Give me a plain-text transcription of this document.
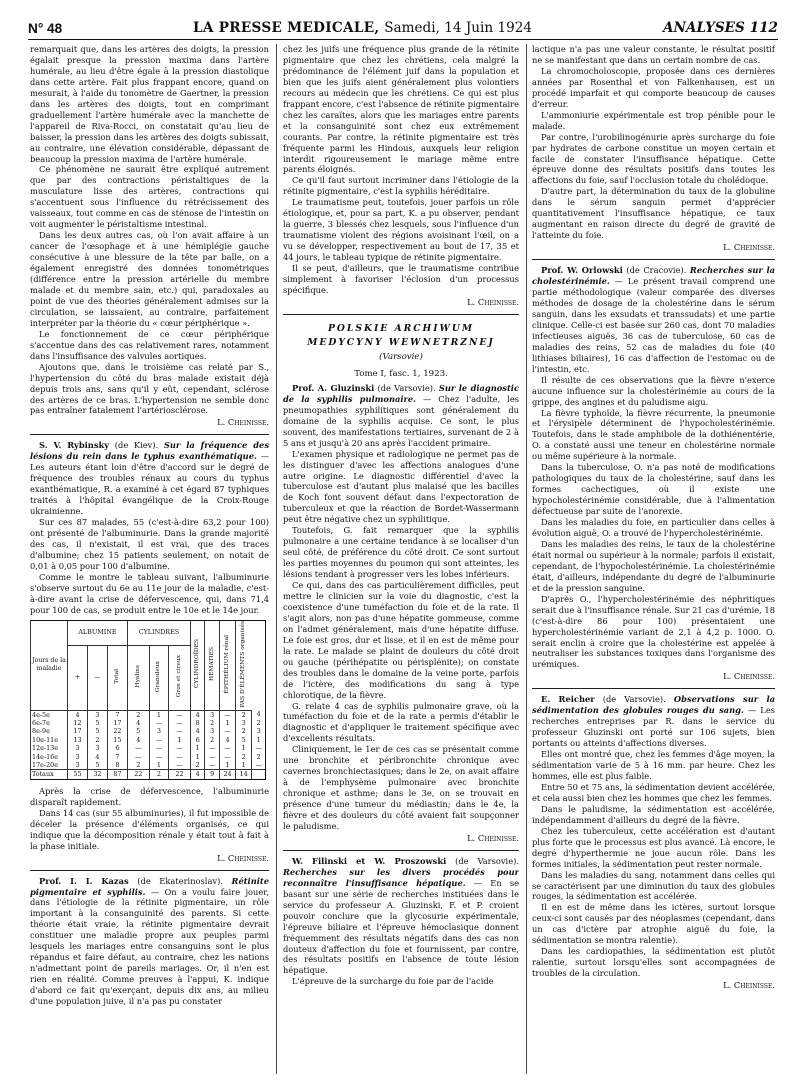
N° 48	LA PRESSE MEDICALE, Samedi, 14 Juin 1924	ANALYSES 112

remarquait que, dans les artères des doigts, la pression égalait presque la pression maxima dans l'artère humérale, au lieu d'être égale à la pression diastolique dans cette artère. Fait plus frappant encore, quand on mesurait, à l'aide du tonomètre de Gaertner, la pression dans les artères des doigts, tout en comprimant graduellement l'artère humérale avec la manchette de l'appareil de Riva-Rocci, on constatait qu'au lieu de baisser, la pression dans les artères des doigts subissait, au contraire, une élévation considérable, dépassant de beaucoup la pression maxima de l'artère humérale.

Ce phénomène ne saurait être expliqué autrement que par des contractions péristaltiques de la musculature lisse des artères, contractions qui s'accentuent sous l'influence du rétrécissement des vaisseaux, tout comme en cas de sténose de l'intestin on voit augmenter le péristaltisme intestinal.

Dans les deux autres cas, où l'on avait affaire à un cancer de l'œsophage et à une hémiplégie gauche consécutive à une blessure de la tête par balle, on a également enregistré des données tonométriques (différence entre la pression artérielle du membre malade et du membre sain, etc.) qui, paradoxales au point de vue des théories généralement admises sur la circulation, se laissaient, au contraire, parfaitement interpréter par la théorie du « cœur périphérique ».

Le fonctionnement de ce cœur périphérique s'accentue dans des cas relativement rares, notamment dans l'insuffisance des valvules aortiques.

Ajoutons que, dans le troisième cas relaté par S., l'hypertension du côté du bras malade existait déjà depuis trois ans, sans qu'il y eût, cependant, sclérose des artères de ce bras. L'hypertension ne semble donc pas entraîner fatalement l'artériosclérose.

L. Cheinisse.

S. V. Rybinsky (de Kiev). Sur la fréquence des lésions du rein dans le typhus exanthématique. — Les auteurs étant loin d'être d'accord sur le degré de fréquence des troubles rénaux au cours du typhus exanthématique, R. a examiné à cet égard 87 typhiques traités à l'hôpital évangélique de la Croix-Rouge ukrainienne.

Sur ces 87 malades, 55 (c'est-à-dire 63,2 pour 100) ont présenté de l'albuminurie. Dans la grande majorité des cas, il n'existait, il est vrai, que des traces d'albumine; chez 15 patients seulement, on notait de 0,01 à 0,05 pour 100 d'albumine.

Comme le montre le tableau suivant, l'albuminurie s'observe surtout du 6e au 11e jour de la maladie, c'est-à-dire avant la crise de défervescence, qui, dans 71,4 pour 100 de cas, se produit entre le 10e et le 14e jour.

Jours de la maladie	ALBUMINE			CYLINDRES			CYLINDROÏDES	HÉMATIES	ÉPITHÉLIUM rénal	PAS D'ÉLÉMENTS organisés	
	+	—	Total	Hyalins	Granuleux	Gros et cireux					
4e-5e	4	3	7	2	1	—	4	3	—	2	4
6e-7e	12	5	17	4	—	—	8	2	1	3	2
8e-9e	17	5	22	5	3	—	4	3	—	2	3
10e-11e	13	2	15	4	—	1	6	2	4	5	1
12e-13e	3	3	6	—	—	—	1	—	—	1	—
14e-16e	3	4	7	—	—	—	1	—	—	2	2
17e-20e	3	5	8	2	1	—	2	—	1	1	—
Totaux	55	32	87	22	2	22	4	9	24	14	

Après la crise de défervescence, l'albuminurie disparaît rapidement.

Dans 14 cas (sur 55 albuminuries), il fut impossible de déceler la présence d'éléments organisés, ce qui indique que la décomposition rénale y était tout à fait à la phase initiale.

L. Cheinisse.

Prof. I. I. Kazas (de Ekaterinoslav). Rétinite pigmentaire et syphilis. — On a voulu faire jouer, dans l'étiologie de la rétinite pigmentaire, un rôle important à la consanguinité des parents. Si cette théorie était vraie, la rétinite pigmentaire devrait constituer une maladie propre aux peuples parmi lesquels les mariages entre consanguins sont le plus répandus et faire défaut, au contraire, chez les nations n'admettant point de pareils mariages. Or, il n'en est rien en réalité. Comme preuves à l'appui, K. indique d'abord ce fait qu'exerçant, depuis dix ans, au milieu d'une population juive, il n'a pas pu constater

chez les juifs une fréquence plus grande de la rétinite pigmentaire que chez les chrétiens, cela malgré la prédominance de l'élément juif dans la population et bien que les juifs aient généralement plus volontiers recours au médecin que les chrétiens. Ce qui est plus frappant encore, c'est l'absence de rétinite pigmentaire chez les caraïtes, alors que les mariages entre parents et la consanguinité sont chez eux extrêmement courants. Par contre, la rétinite pigmentaire est très fréquente parmi les Hindous, auxquels leur religion interdit rigoureusement le mariage même entre parents éloignés.

Ce qu'il faut surtout incriminer dans l'étiologie de la rétinite pigmentaire, c'est la syphilis héréditaire.

Le traumatisme peut, toutefois, jouer parfois un rôle étiologique, et, pour sa part, K. a pu observer, pendant la guerre, 3 blessés chez lesquels, sous l'influence d'un traumatisme violent des régions avoisinant l'œil, on a vu se développer, respectivement au bout de 17, 35 et 44 jours, le tableau typique de rétinite pigmentaire.

Il se peut, d'ailleurs, que le traumatisme contribue simplement à favoriser l'éclosion d'un processus spécifique.

L. Cheinisse.

POLSKIE ARCHIWUM
MEDYCYNY WEWNETRZNEJ
(Varsovie)
Tome I, fasc. 1, 1923.

Prof. A. Gluzinski (de Varsovie). Sur le diagnostic de la syphilis pulmonaire. — Chez l'adulte, les pneumopathies syphilitiques sont généralement du domaine de la syphilis acquise. Ce sont, le plus souvent, des manifestations tertiaires, survenant de 2 à 5 ans et jusqu'à 20 ans après l'accident primaire.

L'examen physique et radiologique ne permet pas de les distinguer d'avec les affections analogues d'une autre origine. Le diagnostic différentiel d'avec la tuberculose est d'autant plus malaisé que les bacilles de Koch font souvent défaut dans l'expectoration de tuberculeux et que la réaction de Bordet-Wassermann peut être négative chez un syphilitique.

Toutefois, G. fait remarquer que la syphilis pulmonaire a une certaine tendance à se localiser d'un seul côté, de préférence du côté droit. Ce sont surtout les parties moyennes du poumon qui sont atteintes, les lésions tendant à progresser vers les lobes inférieurs.

Ce qui, dans des cas particulièrement difficiles, peut mettre le clinicien sur la voie du diagnostic, c'est la coexistence d'une tuméfaction du foie et de la rate. Il s'agit alors, non pas d'une hépatite gommeuse, comme on l'admet généralement, mais d'une hépatite diffuse. Le foie est gros, dur et lisse, et il en est de même pour la rate. Le malade se plaint de douleurs du côté droit ou gauche (périhépatite ou périsplénite); on constate des troubles dans le domaine de la veine porte, parfois de l'ictère, des modifications du sang à type chlorotique, de la fièvre.

G. relate 4 cas de syphilis pulmonaire grave, où la tuméfaction du foie et de la rate a permis d'établir le diagnostic et d'appliquer le traitement spécifique avec d'excellents résultats.

Cliniquement, le 1er de ces cas se présentait comme une bronchite et péribronchite chronique avec cavernes bronchiectasiques; dans le 2e, on avait affaire à de l'emphysème pulmonaire avec bronchite chronique et asthme; dans le 3e, on se trouvait en présence d'une tumeur du médiastin; dans le 4e, la fièvre et des douleurs du côté avaient fait soupçonner le paludisme.

L. Cheinisse.

W. Filinski et W. Proszowski (de Varsovie). Recherches sur les divers procédés pour reconnaître l'insuffisance hépatique. — En se basant sur une série de recherches instituées dans le service du professeur A. Gluzinski, F. et P. croient pouvoir conclure que la glycosurie expérimentale, l'épreuve biliaire et l'épreuve hémoclasique donnent fréquemment des résultats négatifs dans des cas non douteux d'affection du foie et fournissent, par contre, des résultats positifs en l'absence de toute lésion hépatique.

L'épreuve de la surcharge du foie par de l'acide

lactique n'a pas une valeur constante, le résultat positif ne se manifestant que dans un certain nombre de cas.

La chromocholoscopie, proposée dans ces dernières années par Rosenthal et von Falkenhausen, est un procédé imparfait et qui comporte beaucoup de causes d'erreur.

L'ammoniurie expérimentale est trop pénible pour le malade.

Par contre, l'urobilinogénurie après surcharge du foie par hydrates de carbone constitue un moyen certain et facile de constater l'insuffisance hépatique. Cette épreuve donne des résultats positifs dans toutes les affections du foie, sauf l'occlusion totale du cholédoque.

D'autre part, la détermination du taux de la globuline dans le sérum sanguin permet d'apprécier quantitativement l'insuffisance hépatique, ce taux augmentant en raison directe du degré de gravité de l'atteinte du foie.

L. Cheinisse.

Prof. W. Orlowski (de Cracovie). Recherches sur la cholestérinémie. — Le présent travail comprend une partie méthodologique (valeur comparée des diverses méthodes de dosage de la cholestérine dans le sérum sanguin, dans les exsudats et transsudats) et une partie clinique. Celle-ci est basée sur 260 cas, dont 70 maladies infectieuses aiguës, 36 cas de tuberculose, 60 cas de maladies des reins, 52 cas de maladies du foie (40 lithiases biliaires), 16 cas d'affection de l'estomac ou de l'intestin, etc.

Il résulte de ces observations que la fièvre n'exerce aucune influence sur la cholestérinémie au cours de la grippe, des angines et du paludisme aigu.

La fièvre typhoïde, la fièvre récurrente, la pneumonie et l'érysipèle déterminent de l'hypocholestérinémie. Toutefois, dans le stade amphibole de la dothiénentérie, O. a constaté aussi une teneur en cholestérine normale ou même supérieure à la normale.

Dans la tuberculose, O. n'a pas noté de modifications pathologiques du taux de la cholestérine, sauf dans les formes cachectiques, où il existe une hypocholestérinémie considérable, due à l'alimentation défectueuse par suite de l'anorexie.

Dans les maladies du foie, en particulier dans celles à évolution aiguë, O. a trouvé de l'hypercholestérinémie.

Dans les maladies des reins, le taux de la cholestérine était normal ou supérieur à la normale; parfois il existait, cependant, de l'hypocholestérinémie. La cholestérinémie était, d'ailleurs, indépendante du degré de l'albuminurie et de la pression sanguine.

D'après O., l'hypercholestérinémie des néphritiques serait due à l'insuffisance rénale. Sur 21 cas d'urémie, 18 (c'est-à-dire 86 pour 100) présentaient une hypercholestérinémie variant de 2,1 à 4,2 p. 1000. O. serait enclin à croire que la cholestérine est appelée à neutraliser les substances toxiques dans l'organisme des urémiques.

L. Cheinisse.

E. Reicher (de Varsovie). Observations sur la sédimentation des globules rouges du sang. — Les recherches entreprises par R. dans le service du professeur Gluzinski ont porté sur 106 sujets, bien portants ou atteints d'affections diverses.

Elles ont montré que, chez les femmes d'âge moyen, la sédimentation varie de 5 à 16 mm. par heure. Chez les hommes, elle est plus faible.

Entre 50 et 75 ans, la sédimentation devient accélérée, et cela aussi bien chez les hommes que chez les femmes.

Dans le paludisme, la sédimentation est accélérée, indépendamment d'ailleurs du degré de la fièvre.

Chez les tuberculeux, cette accélération est d'autant plus forte que le processus est plus avancé. Là encore, le degré d'hyperthermie ne joue aucun rôle. Dans les formes initiales, la sédimentation peut rester normale.

Dans les maladies du sang, notamment dans celles qui se caractérisent par une diminution du taux des globules rouges, la sédimentation est accélérée.

Il en est de même dans les ictères, surtout lorsque ceux-ci sont causés par des néoplasmes (cependant, dans un cas d'ictère par atrophie aiguë du foie, la sédimentation se montra ralentie).

Dans les cardiopathies, la sédimentation est plutôt ralentie, surtout lorsqu'elles sont accompagnées de troubles de la circulation.

L. Cheinisse.
